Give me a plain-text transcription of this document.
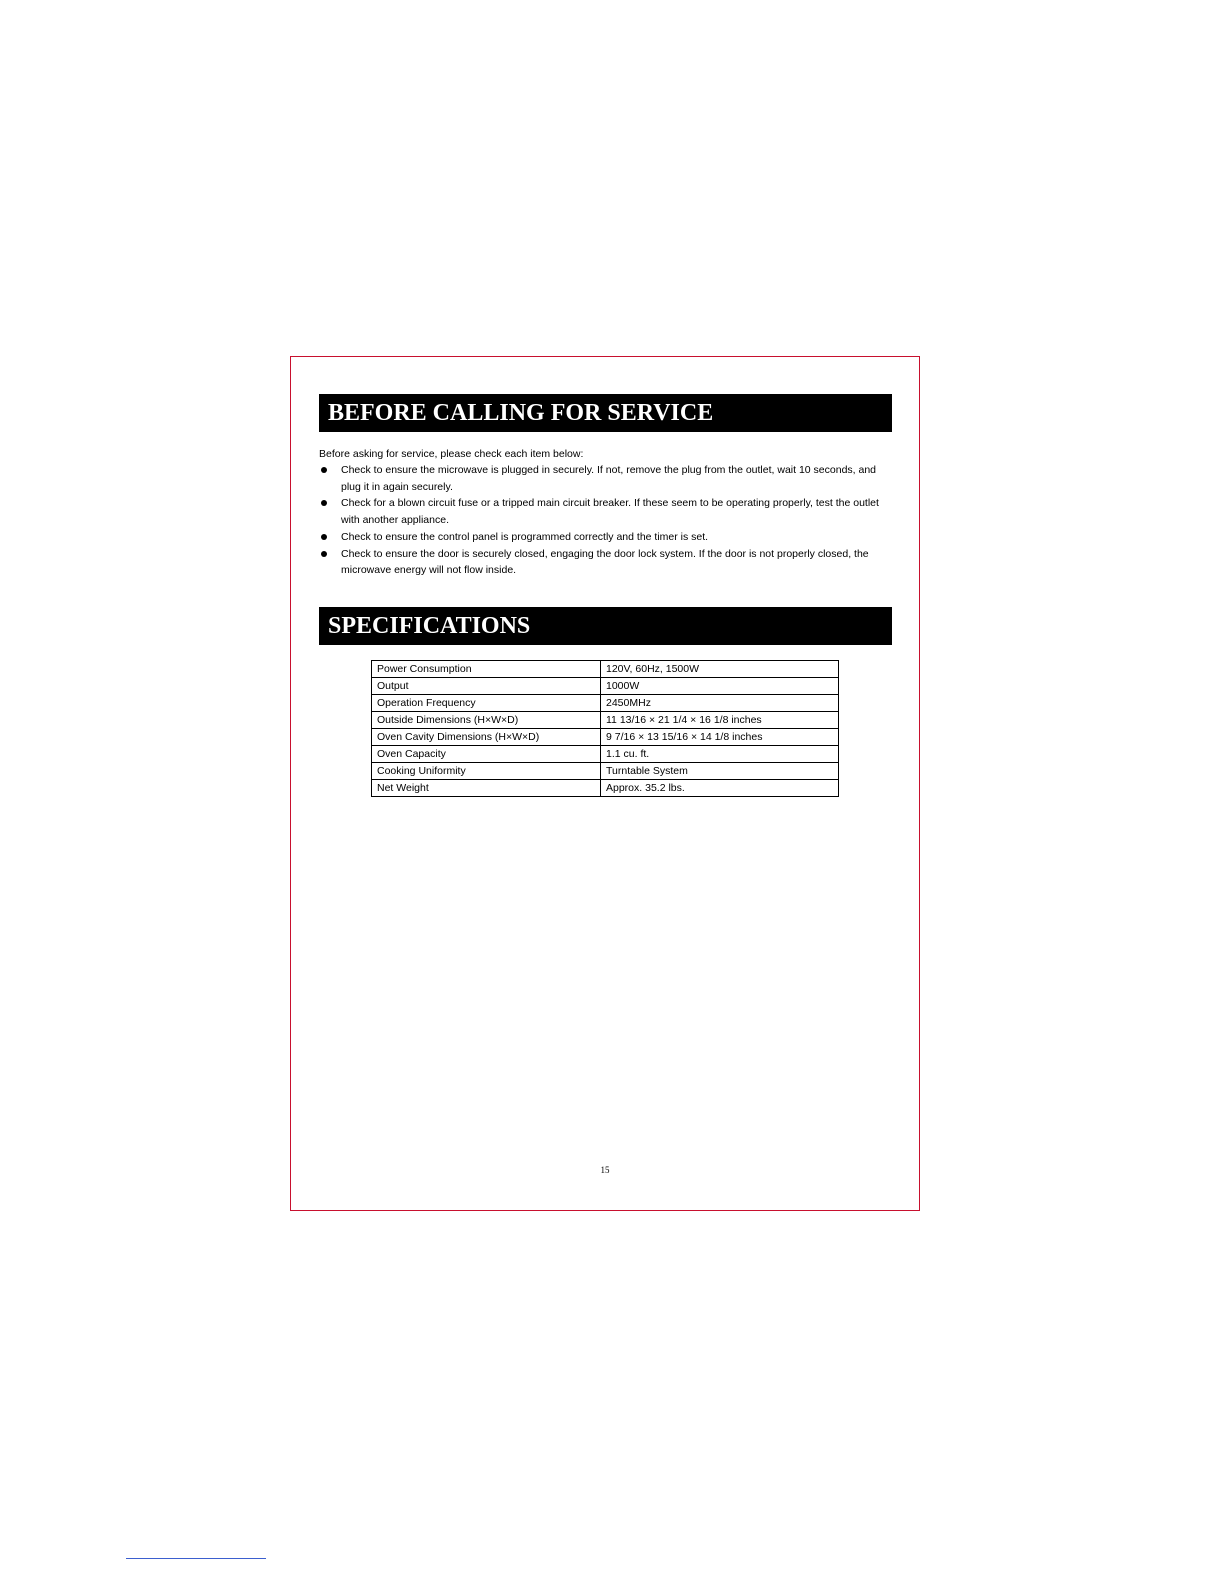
BEFORE CALLING FOR SERVICE
Before asking for service, please check each item below:
Check to ensure the microwave is plugged in securely. If not, remove the plug from the outlet, wait 10 seconds, and plug it in again securely.
Check for a blown circuit fuse or a tripped main circuit breaker. If these seem to be operating properly, test the outlet with another appliance.
Check to ensure the control panel is programmed correctly and the timer is set.
Check to ensure the door is securely closed, engaging the door lock system. If the door is not properly closed, the microwave energy will not flow inside.
SPECIFICATIONS
Power Consumption	120V, 60Hz, 1500W
Output	1000W
Operation Frequency	2450MHz
Outside Dimensions (H×W×D)	11 13/16 × 21 1/4 × 16 1/8 inches
Oven Cavity Dimensions (H×W×D)	9 7/16 × 13 15/16 × 14 1/8 inches
Oven Capacity	1.1 cu. ft.
Cooking Uniformity	Turntable System
Net Weight	Approx. 35.2 lbs.
15
